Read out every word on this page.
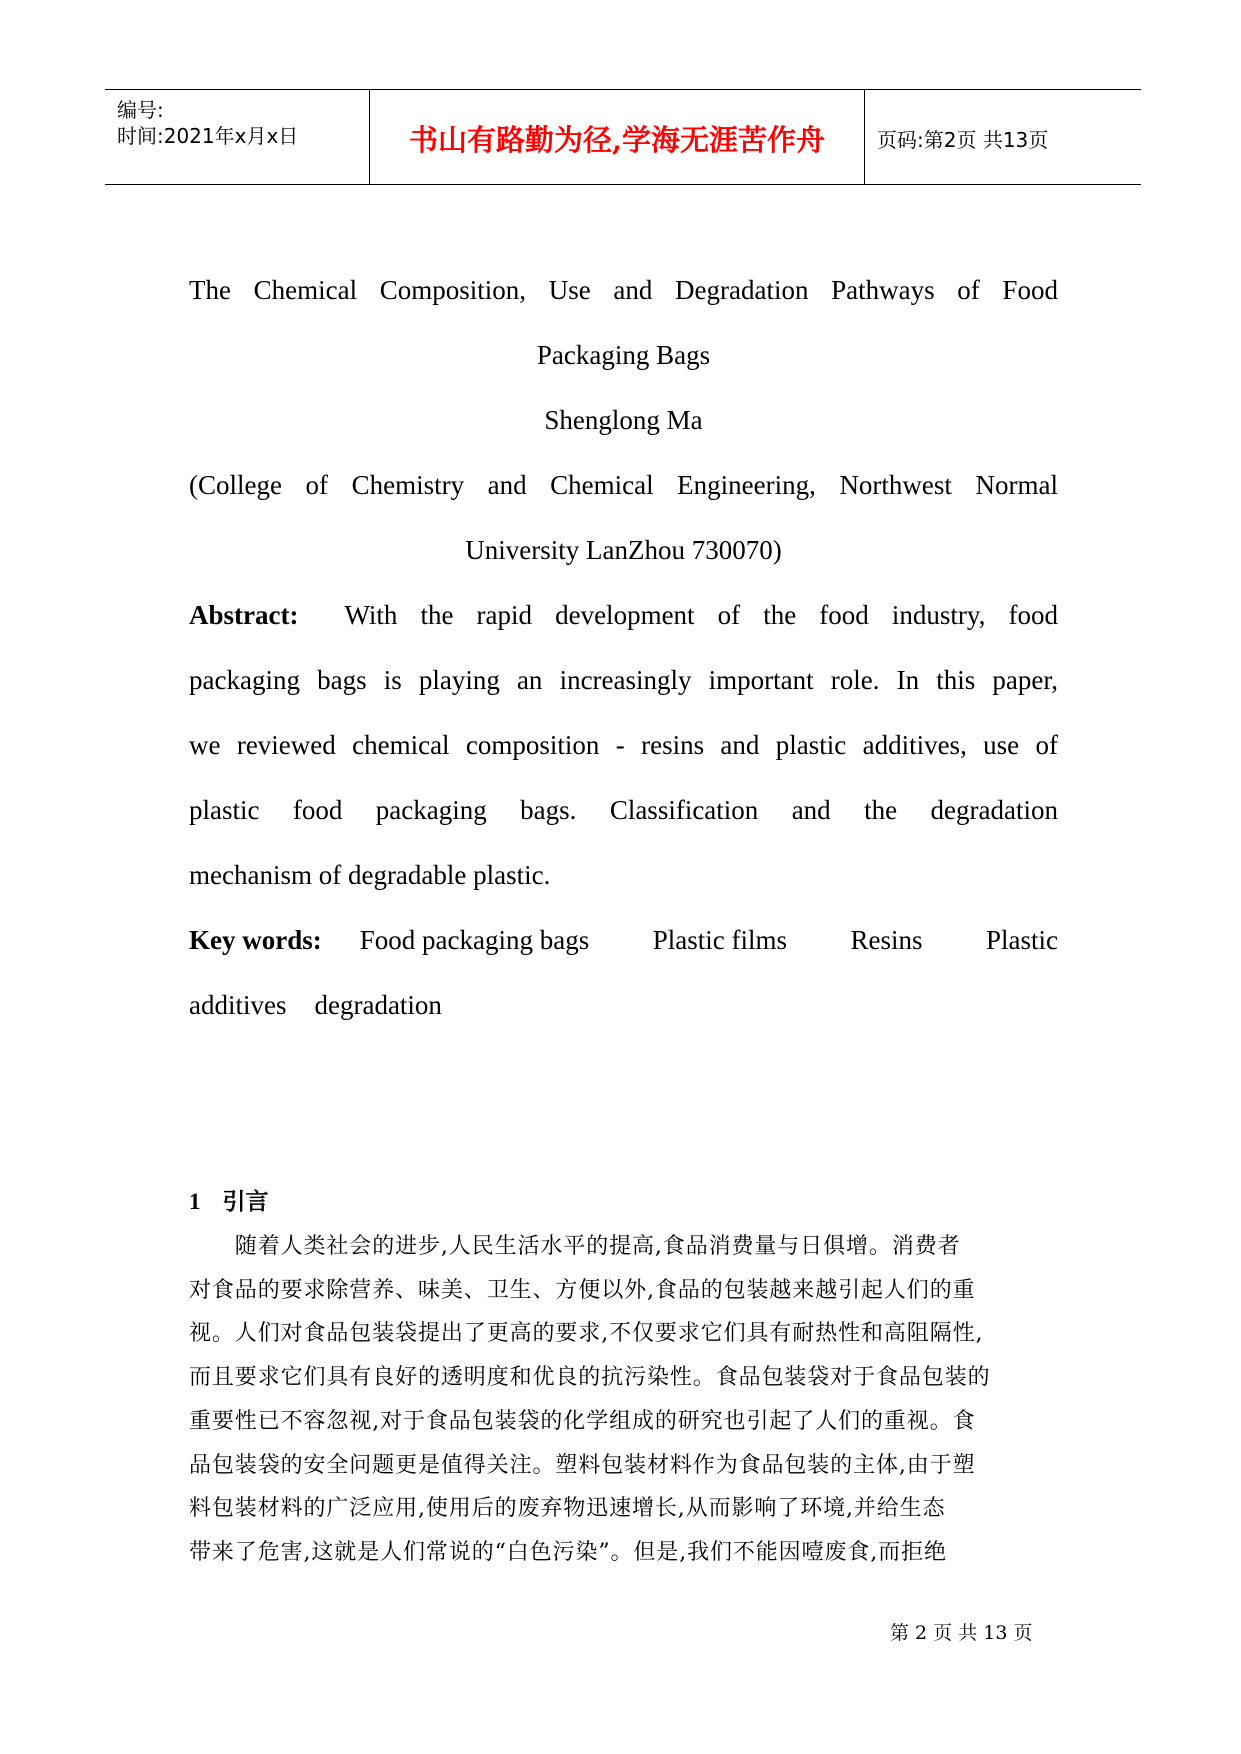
编号:
时间:2021年x月x日	书山有路勤为径,学海无涯苦作舟	页码:第2页 共13页
The Chemical Composition, Use and Degradation Pathways of Food
Packaging Bags
Shenglong Ma
(College of Chemistry and Chemical Engineering, Northwest Normal
University LanZhou 730070)
Abstract: With the rapid development of the food industry, food
packaging bags is playing an increasingly important role. In this paper,
we reviewed chemical composition - resins and plastic additives, use of
plastic food packaging bags. Classification and the degradation
mechanism of degradable plastic.
Key words: Food packaging bags Plastic films Resins Plastic
additives degradation
1 引言
　　随着人类社会的进步,人民生活水平的提高,食品消费量与日俱增。消费者
对食品的要求除营养、味美、卫生、方便以外,食品的包装越来越引起人们的重
视。人们对食品包装袋提出了更高的要求,不仅要求它们具有耐热性和高阻隔性,
而且要求它们具有良好的透明度和优良的抗污染性。食品包装袋对于食品包装的
重要性已不容忽视,对于食品包装袋的化学组成的研究也引起了人们的重视。食
品包装袋的安全问题更是值得关注。塑料包装材料作为食品包装的主体,由于塑
料包装材料的广泛应用,使用后的废弃物迅速增长,从而影响了环境,并给生态
带来了危害,这就是人们常说的“白色污染”。但是,我们不能因噎废食,而拒绝
第 2 页 共 13 页
